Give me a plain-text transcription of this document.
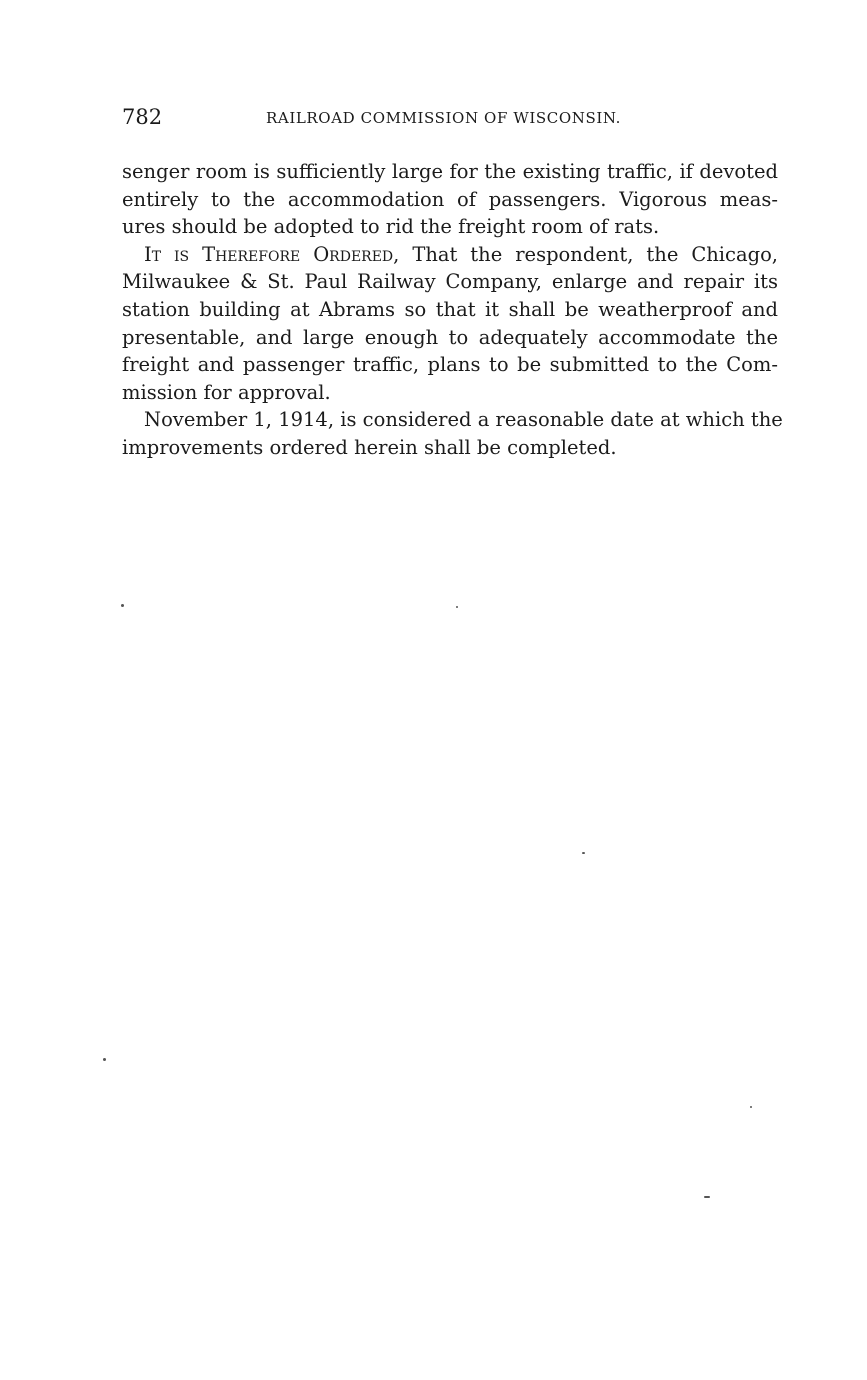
782	RAILROAD COMMISSION OF WISCONSIN.
senger room is sufficiently large for the existing traffic, if devoted
entirely to the accommodation of passengers. Vigorous meas-
ures should be adopted to rid the freight room of rats.
It is Therefore Ordered, That the respondent, the Chicago,
Milwaukee & St. Paul Railway Company, enlarge and repair its
station building at Abrams so that it shall be weatherproof and
presentable, and large enough to adequately accommodate the
freight and passenger traffic, plans to be submitted to the Com-
mission for approval.
November 1, 1914, is considered a reasonable date at which the
improvements ordered herein shall be completed.
